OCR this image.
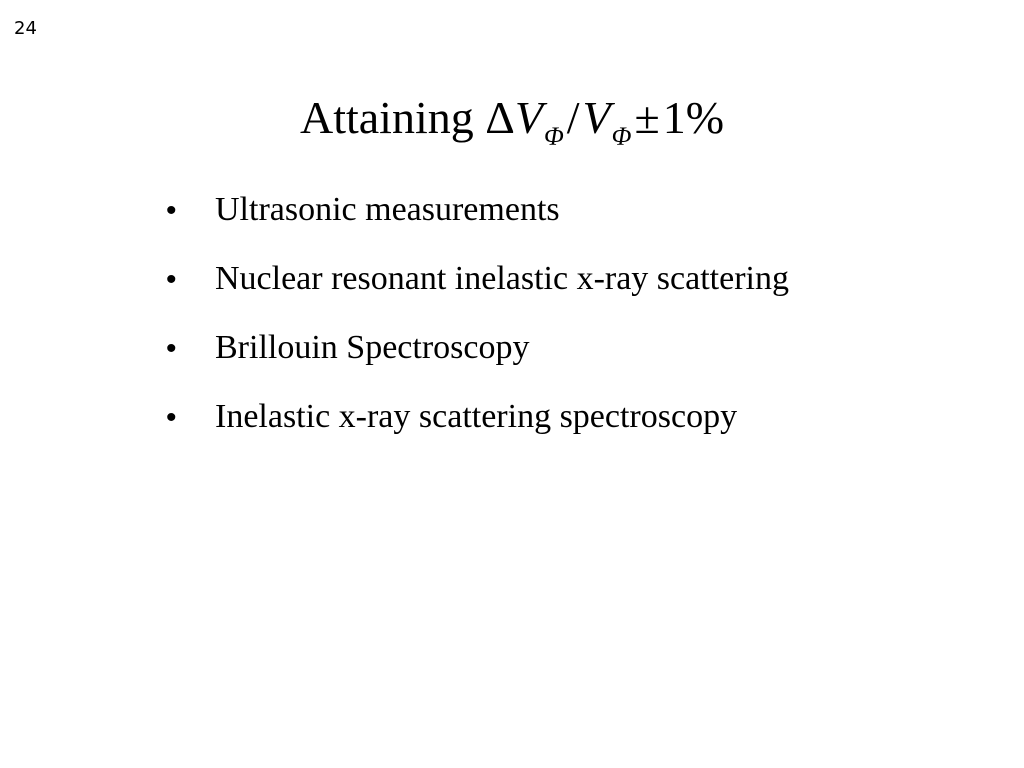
24
Attaining $\Delta V_\Phi/V_\Phi\pm 1\%$
•	Ultrasonic measurements
•	Nuclear resonant inelastic x-ray scattering
•	Brillouin Spectroscopy
•	Inelastic x-ray scattering spectroscopy
